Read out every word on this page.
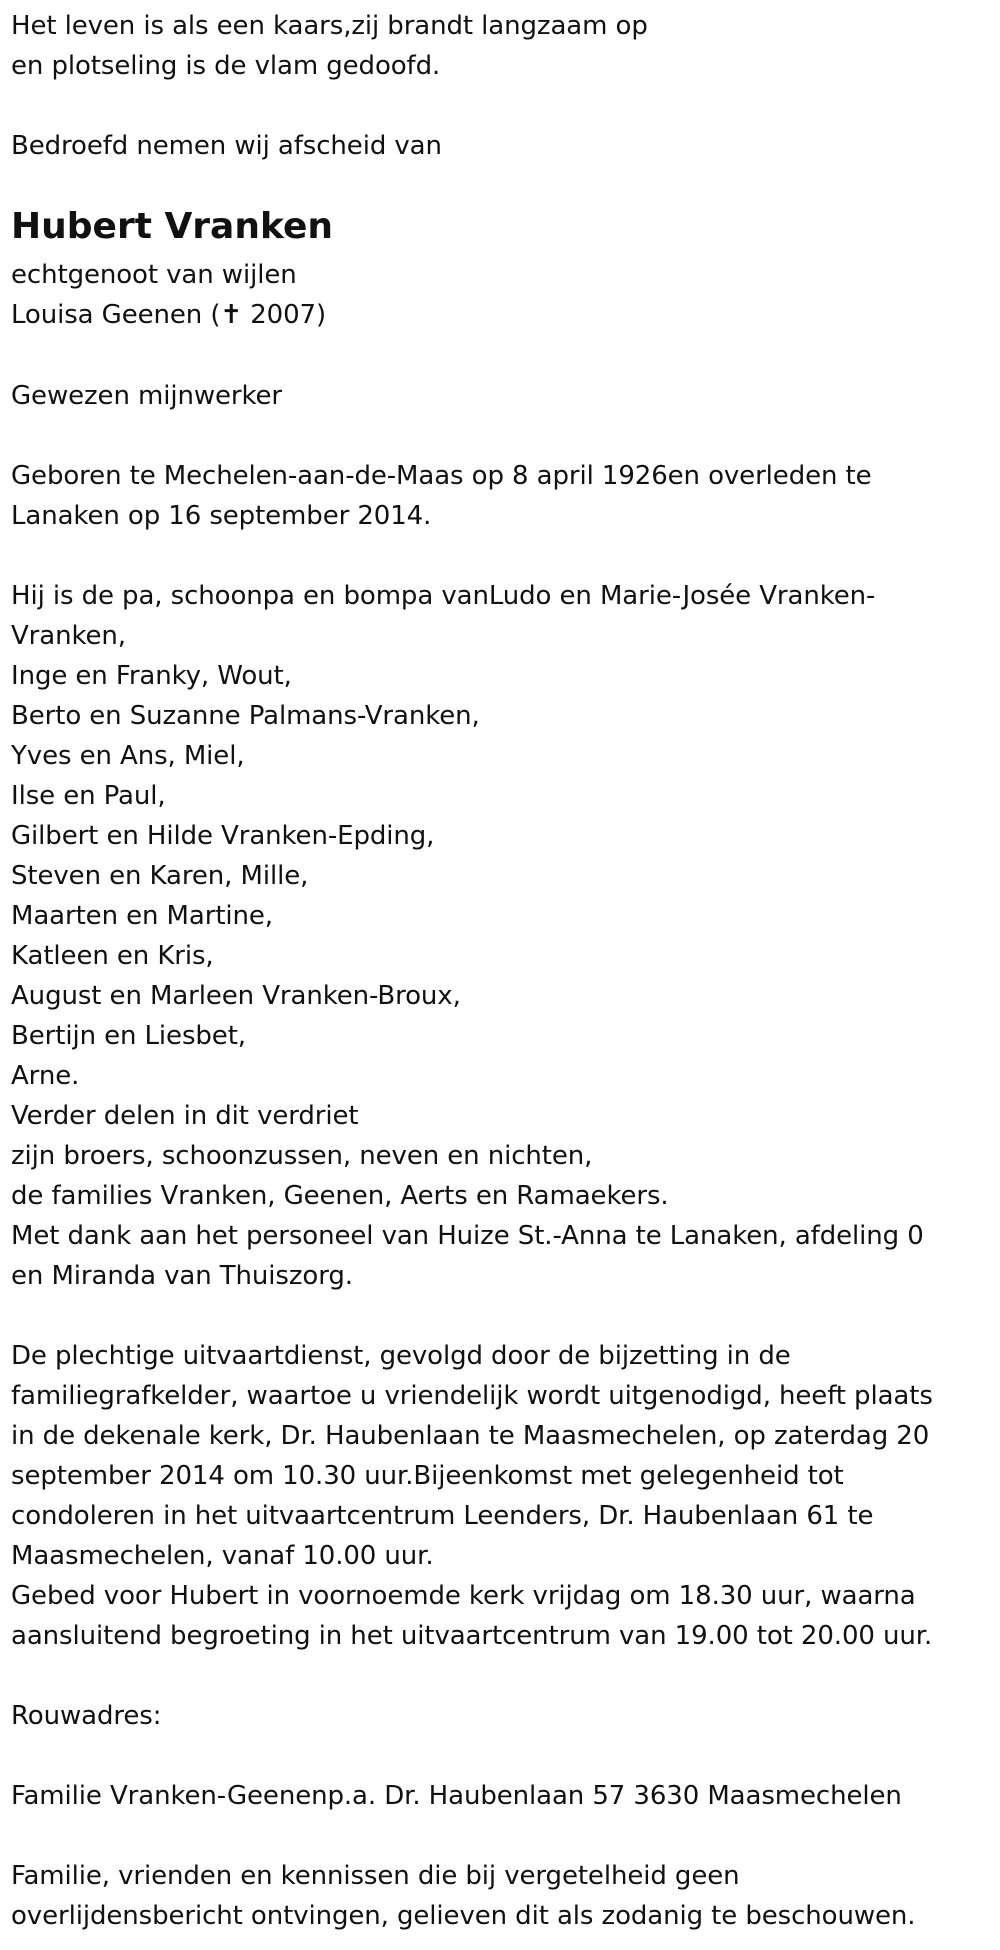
Het leven is als een kaars,zij brandt langzaam op
en plotseling is de vlam gedoofd.
Bedroefd nemen wij afscheid van
Hubert Vranken
echtgenoot van wijlen
Louisa Geenen (✝ 2007)
Gewezen mijnwerker
Geboren te Mechelen-aan-de-Maas op 8 april 1926en overleden te
Lanaken op 16 september 2014.
Hij is de pa, schoonpa en bompa vanLudo en Marie-Josée Vranken-
Vranken,
Inge en Franky, Wout,
Berto en Suzanne Palmans-Vranken,
Yves en Ans, Miel,
Ilse en Paul,
Gilbert en Hilde Vranken-Epding,
Steven en Karen, Mille,
Maarten en Martine,
Katleen en Kris,
August en Marleen Vranken-Broux,
Bertijn en Liesbet,
Arne.
Verder delen in dit verdriet
zijn broers, schoonzussen, neven en nichten,
de families Vranken, Geenen, Aerts en Ramaekers.
Met dank aan het personeel van Huize St.-Anna te Lanaken, afdeling 0
en Miranda van Thuiszorg.
De plechtige uitvaartdienst, gevolgd door de bijzetting in de
familiegrafkelder, waartoe u vriendelijk wordt uitgenodigd, heeft plaats
in de dekenale kerk, Dr. Haubenlaan te Maasmechelen, op zaterdag 20
september 2014 om 10.30 uur.Bijeenkomst met gelegenheid tot
condoleren in het uitvaartcentrum Leenders, Dr. Haubenlaan 61 te
Maasmechelen, vanaf 10.00 uur.
Gebed voor Hubert in voornoemde kerk vrijdag om 18.30 uur, waarna
aansluitend begroeting in het uitvaartcentrum van 19.00 tot 20.00 uur.
Rouwadres:
Familie Vranken-Geenenp.a. Dr. Haubenlaan 57 3630 Maasmechelen
Familie, vrienden en kennissen die bij vergetelheid geen
overlijdensbericht ontvingen, gelieven dit als zodanig te beschouwen.
